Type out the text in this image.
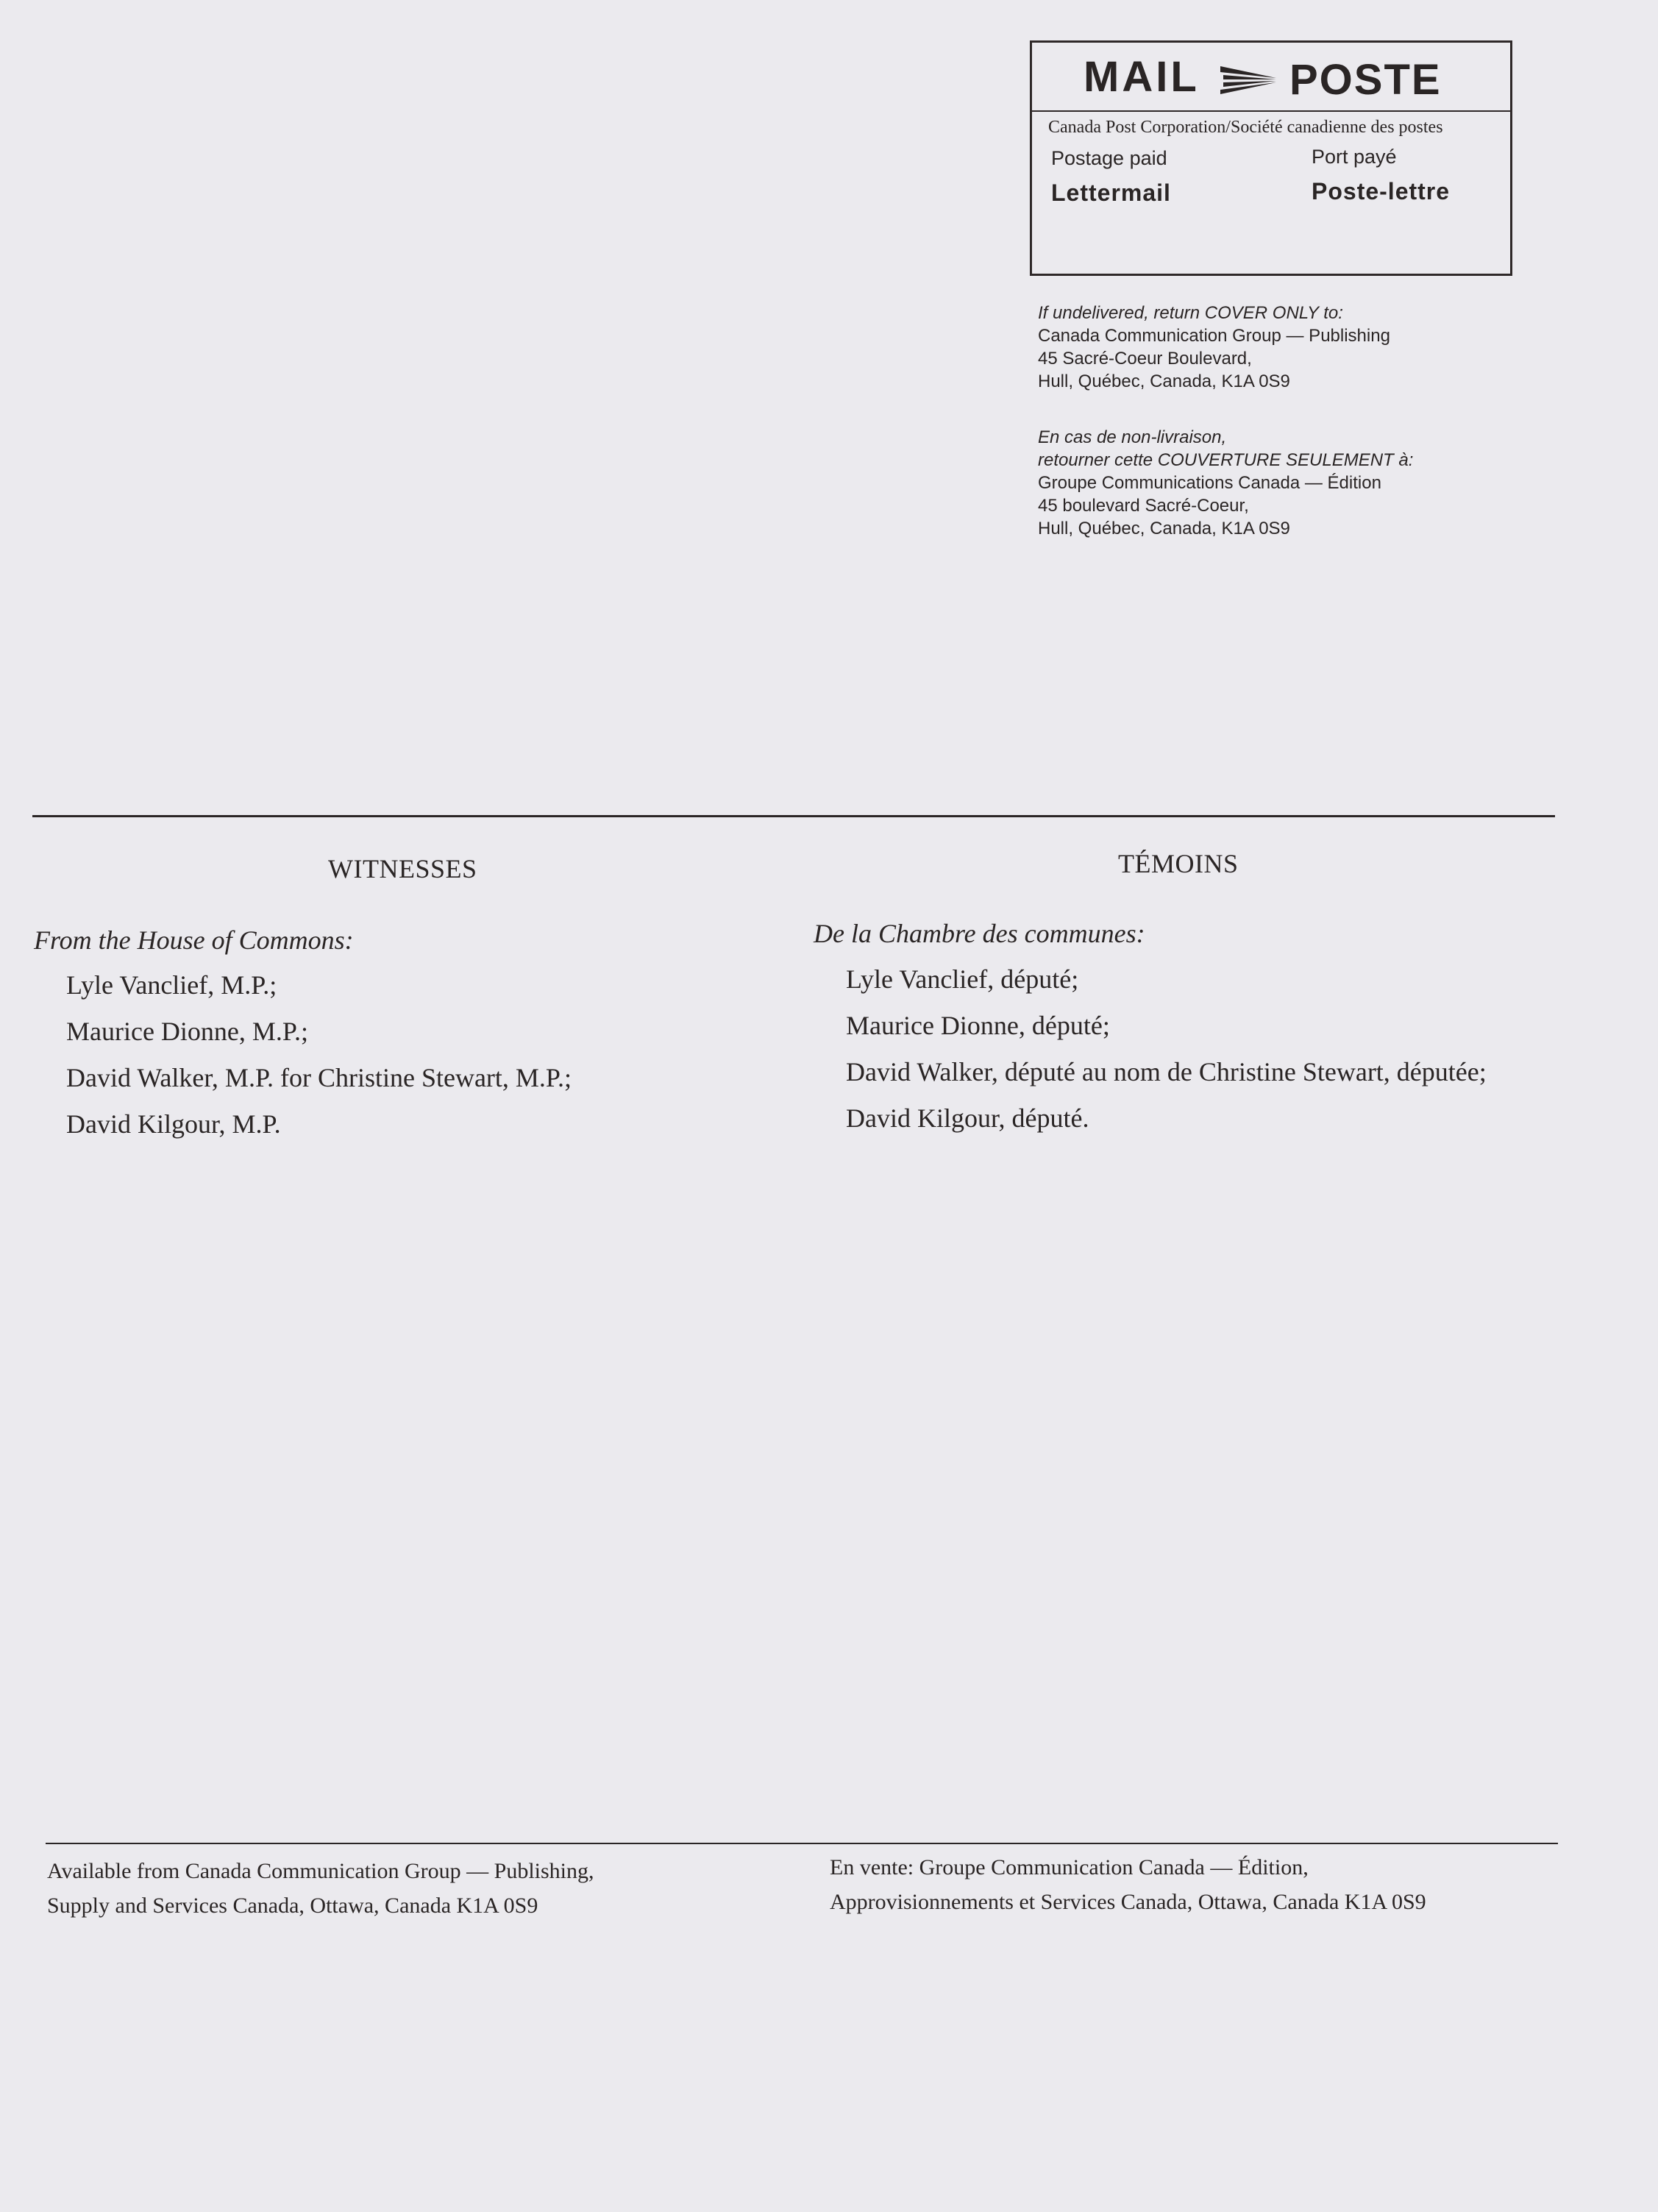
MAIL POSTE
Canada Post Corporation/Société canadienne des postes
Postage paid	Port payé
Lettermail	Poste-lettre
If undelivered, return COVER ONLY to:
Canada Communication Group — Publishing
45 Sacré-Coeur Boulevard,
Hull, Québec, Canada, K1A 0S9
En cas de non-livraison,
retourner cette COUVERTURE SEULEMENT à:
Groupe Communications Canada — Édition
45 boulevard Sacré-Coeur,
Hull, Québec, Canada, K1A 0S9
WITNESSES
From the House of Commons:
Lyle Vanclief, M.P.;
Maurice Dionne, M.P.;
David Walker, M.P. for Christine Stewart, M.P.;
David Kilgour, M.P.
TÉMOINS
De la Chambre des communes:
Lyle Vanclief, député;
Maurice Dionne, député;
David Walker, député au nom de Christine Stewart, députée;
David Kilgour, député.
Available from Canada Communication Group — Publishing,
Supply and Services Canada, Ottawa, Canada K1A 0S9
En vente: Groupe Communication Canada — Édition,
Approvisionnements et Services Canada, Ottawa, Canada K1A 0S9
